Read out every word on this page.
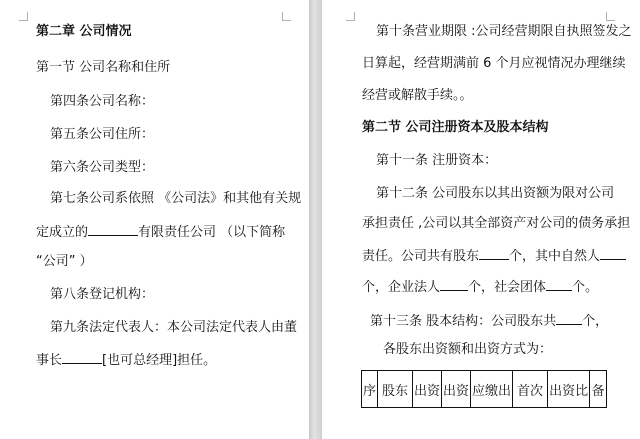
第二章 公司情况
第一节 公司名称和住所
第四条公司名称：
第五条公司住所：
第六条公司类型：
第七条公司系依照 《公司法》和其他有关规
定成立的	有限责任公司 （以下简称
“公司” ）
第八条登记机构：
第九条法定代表人：本公司法定代表人由董
事长	[也可总经理]担任。
第十条营业期限 :公司经营期限自执照签发之
日算起，经营期满前 6 个月应视情况办理继续
经营或解散手续。。
第二节 公司注册资本及股本结构
第十一条 注册资本：
第十二条 公司股东以其出资额为限对公司
承担责任 ,公司以其全部资产对公司的债务承担
责任。公司共有股东 个，其中自然人
个，企业法人 个，社会团体 个。
第十三条 股本结构：公司股东共 个，
各股东出资额和出资方式为：
序	股东	出资	出资	应缴出	首次	出资比	备
